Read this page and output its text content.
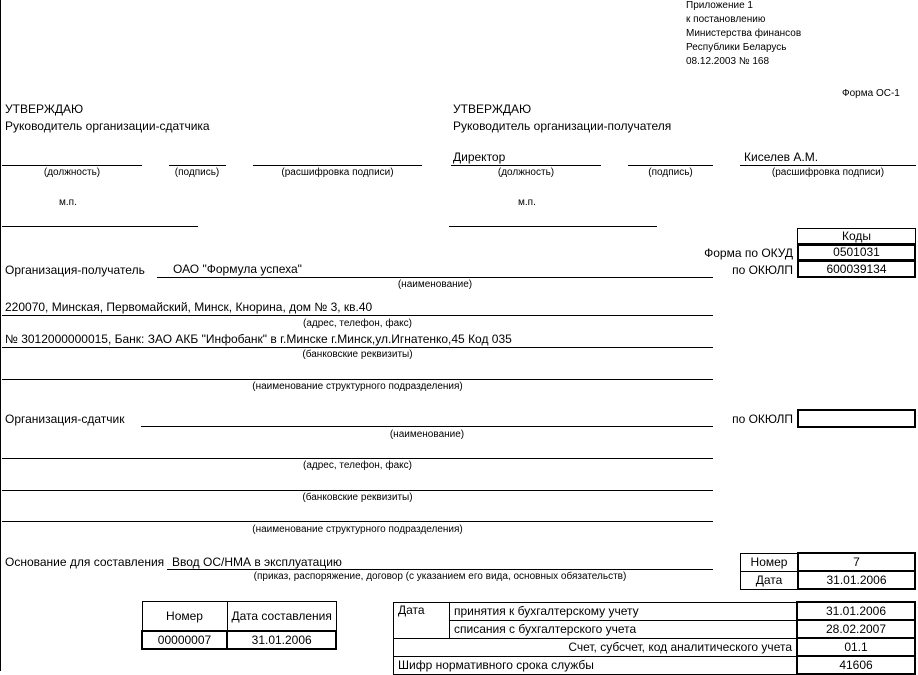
Приложение 1
к постановлению
Министерства финансов
Республики Беларусь
08.12.2003 № 168
Форма ОС-1
УТВЕРЖДАЮ
Руководитель организации-сдатчика
УТВЕРЖДАЮ
Руководитель организации-получателя
(должность)	(подпись)	(расшифровка подписи)
Директор	Киселев А.М.
(должность)	(подпись)	(расшифровка подписи)
м.п.	м.п.
Коды
Форма по ОКУД	0501031
по ОКЮЛП	600039134
Организация-получатель ОАО "Формула успеха"
(наименование)
220070, Минская, Первомайский, Минск, Кнорина, дом № 3, кв.40
(адрес, телефон, факс)
№ 3012000000015, Банк: ЗАО АКБ "Инфобанк" в г.Минске г.Минск,ул.Игнатенко,45 Код 035
(банковские реквизиты)
(наименование структурного подразделения)
Организация-сдатчик
(наименование)
по ОКЮЛП
(адрес, телефон, факс)
(банковские реквизиты)
(наименование структурного подразделения)
Основание для составления Ввод ОС/НМА в эксплуатацию
(приказ, распоряжение, договор (с указанием его вида, основных обязательств)
Номер	7
Дата	31.01.2006
Номер	Дата составления
00000007	31.01.2006
Дата	принятия к бухгалтерскому учету	31.01.2006
	списания с бухгалтерского учета	28.02.2007
Счет, субсчет, код аналитического учета		01.1
Шифр нормативного срока службы		41606
